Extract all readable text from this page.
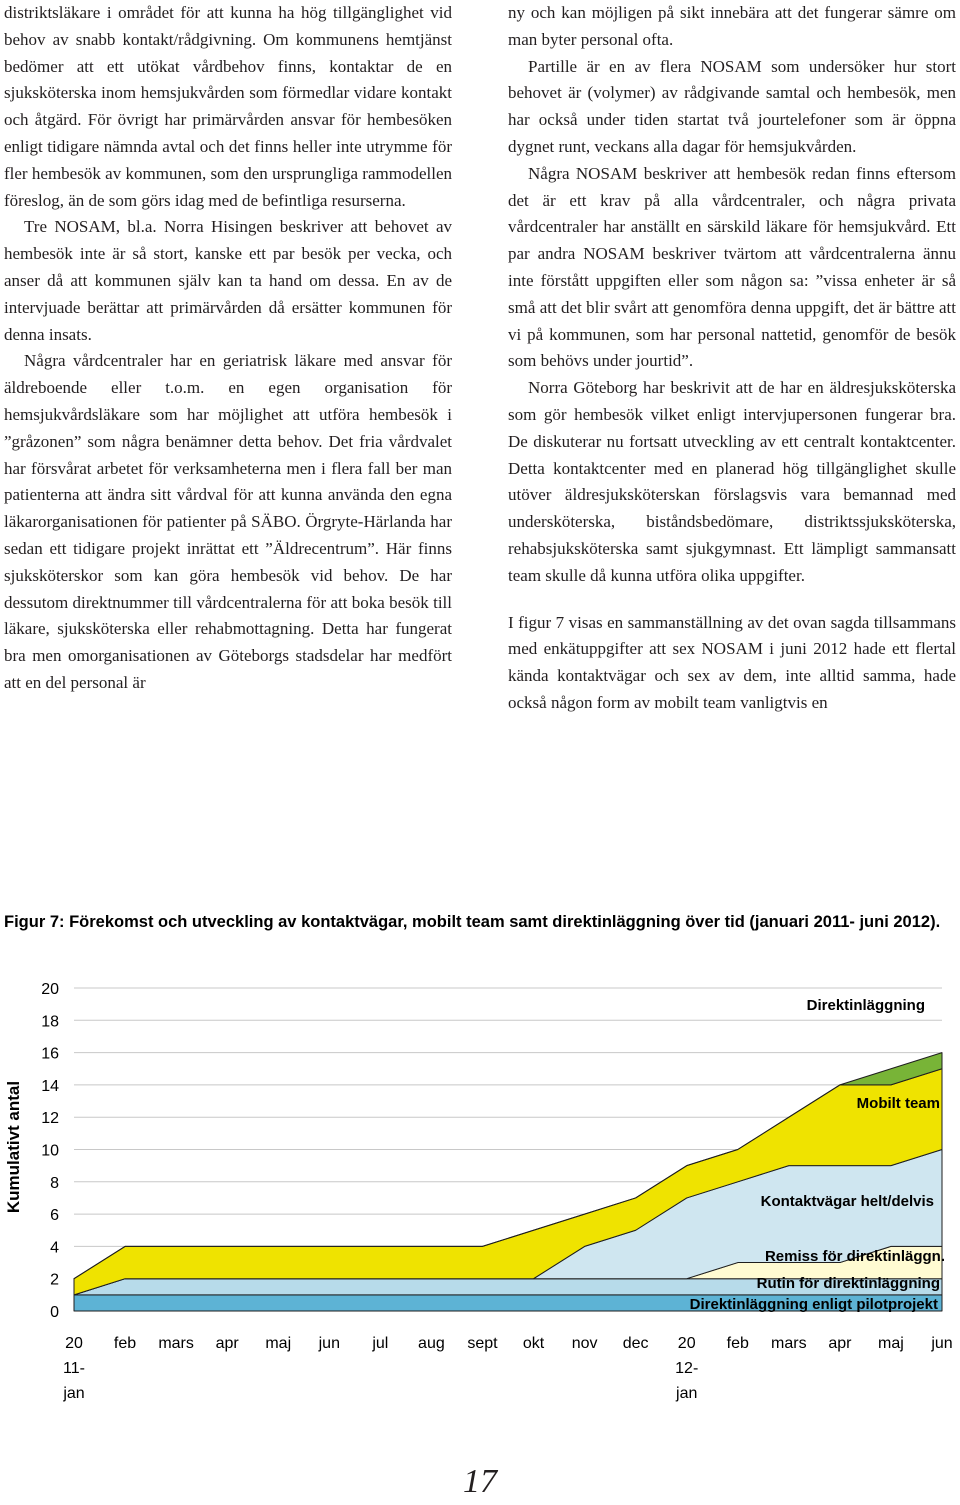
distriktsläkare i området för att kunna ha hög tillgänglighet vid behov av snabb kontakt/rådgivning. Om kommunens hemtjänst bedömer att ett utökat vårdbehov finns, kontaktar de en sjuksköterska inom hemsjukvården som förmedlar vidare kontakt och åtgärd. För övrigt har primärvården ansvar för hembesöken enligt tidigare nämnda avtal och det finns heller inte utrymme för fler hembesök av kommunen, som den ursprungliga rammodellen föreslog, än de som görs idag med de befintliga resurserna.

Tre NOSAM, bl.a. Norra Hisingen beskriver att behovet av hembesök inte är så stort, kanske ett par besök per vecka, och anser då att kommunen själv kan ta hand om dessa. En av de intervjuade berättar att primärvården då ersätter kommunen för denna insats.

Några vårdcentraler har en geriatrisk läkare med ansvar för äldreboende eller t.o.m. en egen organisation för hemsjukvårdsläkare som har möjlighet att utföra hembesök i ”gråzonen” som några benämner detta behov. Det fria vårdvalet har försvårat arbetet för verksamheterna men i flera fall ber man patienterna att ändra sitt vårdval för att kunna använda den egna läkarorganisationen för patienter på SÄBO. Örgryte-Härlanda har sedan ett tidigare projekt inrättat ett ”Äldrecentrum”. Här finns sjuksköterskor som kan göra hembesök vid behov. De har dessutom direktnummer till vårdcentralerna för att boka besök till läkare, sjuksköterska eller rehabmottagning. Detta har fungerat bra men omorganisationen av Göteborgs stadsdelar har medfört att en del personal är

ny och kan möjligen på sikt innebära att det fungerar sämre om man byter personal ofta.

Partille är en av flera NOSAM som undersöker hur stort behovet är (volymer) av rådgivande samtal och hembesök, men har också under tiden startat två jourtelefoner som är öppna dygnet runt, veckans alla dagar för hemsjukvården.

Några NOSAM beskriver att hembesök redan finns eftersom det är ett krav på alla vårdcentraler, och några privata vårdcentraler har anställt en särskild läkare för hemsjukvård. Ett par andra NOSAM beskriver tvärtom att vårdcentralerna ännu inte förstått uppgiften eller som någon sa: ”vissa enheter är så små att det blir svårt att genomföra denna uppgift, det är bättre att vi på kommunen, som har personal nattetid, genomför de besök som behövs under jourtid”.

Norra Göteborg har beskrivit att de har en äldresjuksköterska som gör hembesök vilket enligt intervjupersonen fungerar bra. De diskuterar nu fortsatt utveckling av ett centralt kontaktcenter. Detta kontaktcenter med en planerad hög tillgänglighet skulle utöver äldresjuksköterskan förslagsvis vara bemannad med undersköterska, biståndsbedömare, distriktssjuksköterska, rehabsjuksköterska samt sjukgymnast. Ett lämpligt sammansatt team skulle då kunna utföra olika uppgifter.

I figur 7 visas en sammanställning av det ovan sagda tillsammans med enkätuppgifter att sex NOSAM i juni 2012 hade ett flertal kända kontaktvägar och sex av dem, inte alltid samma, hade också någon form av mobilt team vanligtvis en

Figur 7: Förekomst och utveckling av kontaktvägar, mobilt team samt direktinläggning över tid (januari 2011- juni 2012).
0
2
4
6
8
10
12
14
16
18
20
Direktinläggning enligt pilotprojekt
Rutin för direktinläggning
Remiss för direktinläggn.
Kontaktvägar helt/delvis
Mobilt team
Direktinläggning
20 11-jan
feb mars apr maj jun jul aug sept okt nov dec 20 12-jan
feb mars apr maj jun
Kumulativt antal
17
